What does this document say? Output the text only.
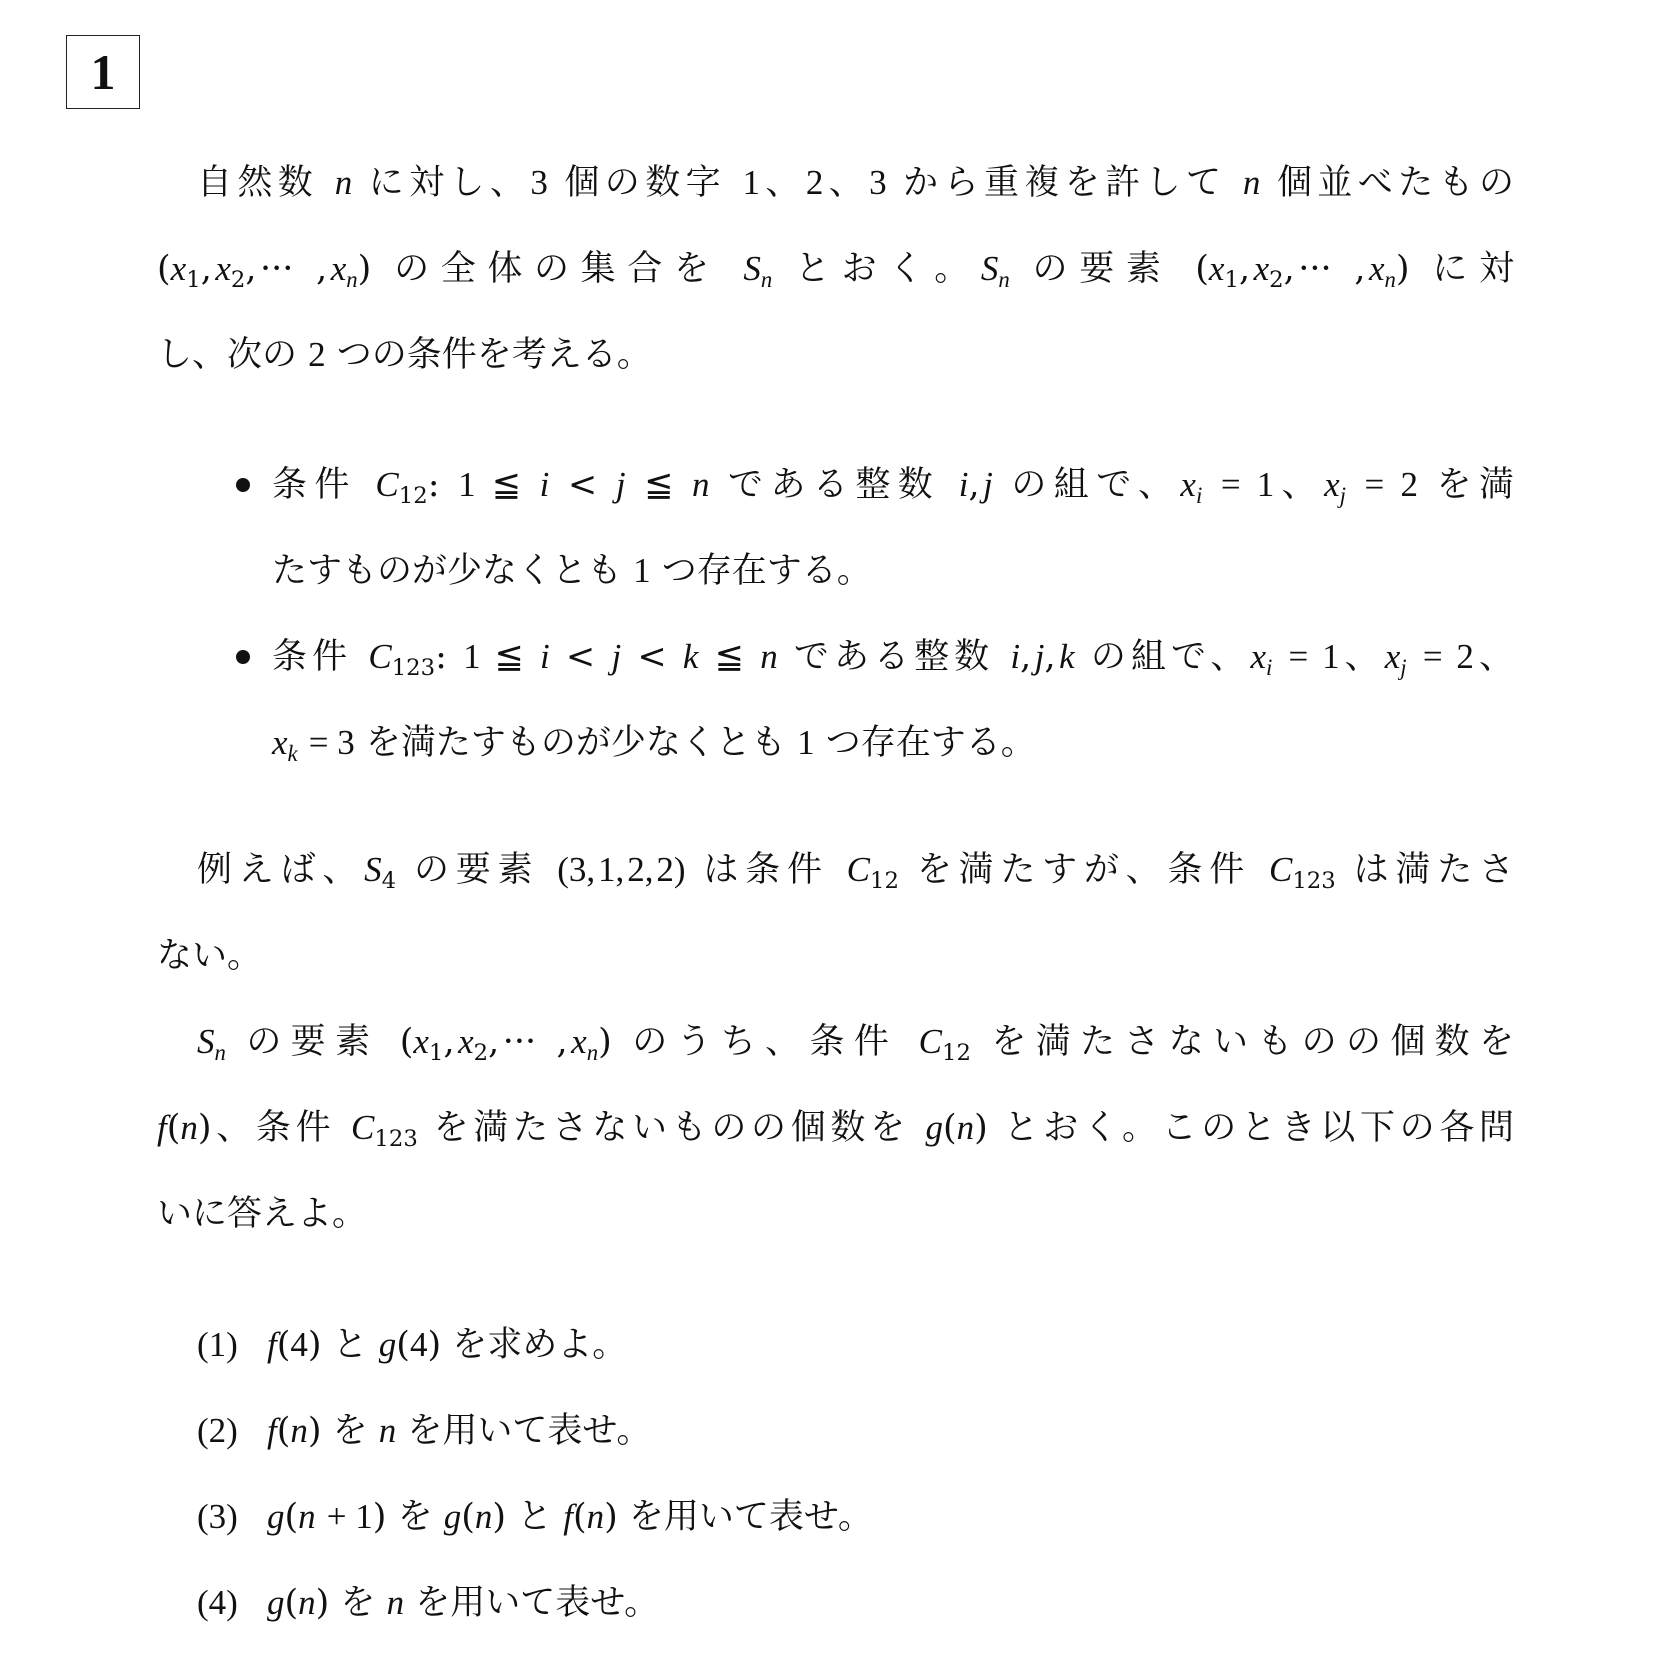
1
自然数 n に対し、3 個の数字 1、2、3 から重複を許して n 個並べたもの
($x_1$, $x_2$, ··· , $x_n$) の全体の集合を $S_n$ とおく。$S_n$ の要素 ($x_1$, $x_2$, ··· , $x_n$) に対
し、次の 2 つの条件を考える。
条件 $C_{12}$: 1 ≦ i < j ≦ n である整数 i, j の組で、$x_i = 1$、$x_j = 2$ を満
たすものが少なくとも 1 つ存在する。
条件 $C_{123}$: 1 ≦ i < j < k ≦ n である整数 i, j, k の組で、$x_i = 1$、$x_j = 2$、
$x_k = 3$ を満たすものが少なくとも 1 つ存在する。
例えば、$S_4$ の要素 (3, 1, 2, 2) は条件 $C_{12}$ を満たすが、条件 $C_{123}$ は満たさ
ない。
$S_n$ の要素 ($x_1$, $x_2$, ··· , $x_n$) のうち、条件 $C_{12}$ を満たさないものの個数を
f(n)、条件 $C_{123}$ を満たさないものの個数を g(n) とおく。このとき以下の各問
いに答えよ。
(1) f(4) と g(4) を求めよ。
(2) f(n) を n を用いて表せ。
(3) g(n + 1) を g(n) と f(n) を用いて表せ。
(4) g(n) を n を用いて表せ。
